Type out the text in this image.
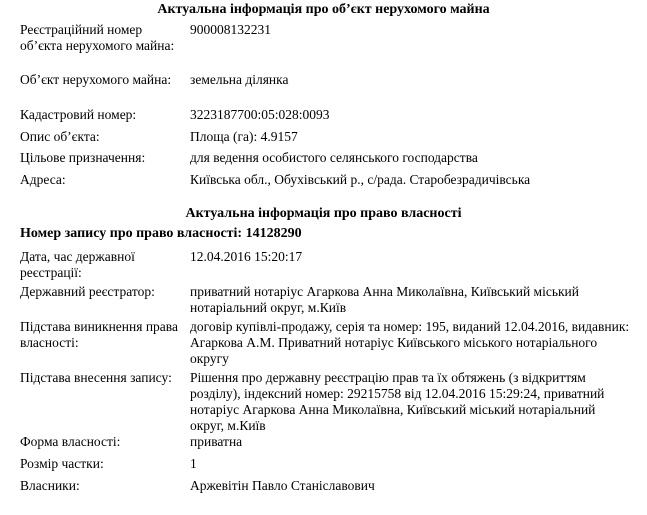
Актуальна інформація про об’єкт нерухомого майна
Реєстраційний номер об’єкта нерухомого майна:
900008132231
Об’єкт нерухомого майна:	земельна ділянка
Кадастровий номер:	3223187700:05:028:0093
Опис об’єкта:	Площа (га): 4.9157
Цільове призначення:	для ведення особистого селянського господарства
Адреса:	Київська обл., Обухівський р., с/рада. Старобезрадичівська
Актуальна інформація про право власності
Номер запису про право власності: 14128290
Дата, час державної реєстрації:
12.04.2016 15:20:17
Державний реєстратор:	приватний нотаріус Агаркова Анна Миколаївна, Київський міський нотаріальний округ, м.Київ
Підстава виникнення права власності:
договір купівлі-продажу, серія та номер: 195, виданий 12.04.2016, видавник: Агаркова А.М. Приватний нотаріус Київського міського нотаріального округу
Підстава внесення запису:	Рішення про державну реєстрацію прав та їх обтяжень (з відкриттям розділу), індексний номер: 29215758 від 12.04.2016 15:29:24, приватний нотаріус Агаркова Анна Миколаївна, Київський міський нотаріальний округ, м.Київ
Форма власності:	приватна
Розмір частки:	1
Власники:	Аржевітін Павло Станіславович
